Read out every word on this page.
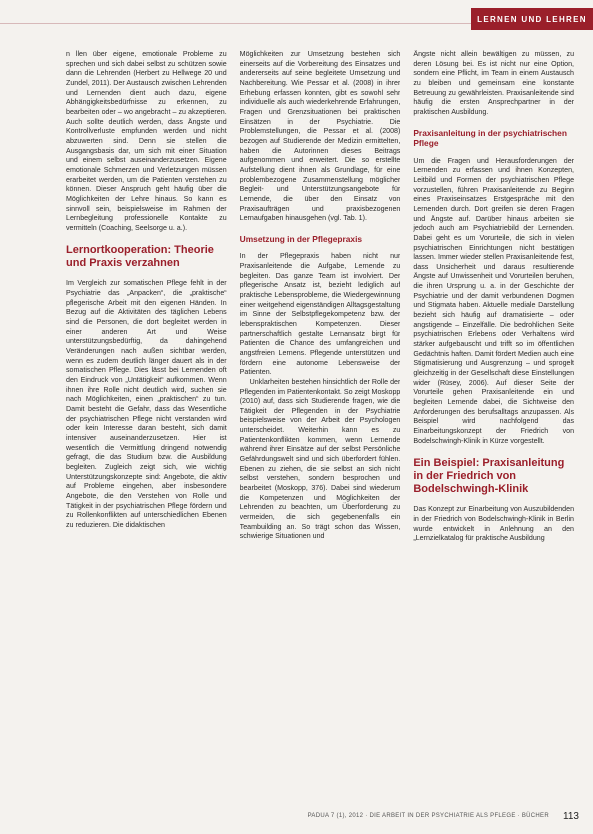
LERNEN UND LEHREN

n llen über eigene, emotionale Probleme zu sprechen und sich dabei selbst zu schützen sowie dann die Lehrenden (Herbert zu Hellwege 20 und Zundel, 2011). Der Austausch zwischen Lehrenden und Lernenden dient auch dazu, eigene Abhängigkeitsbedürfnisse zu erkennen, zu bearbeiten oder – wo angebracht – zu akzeptieren. Auch sollte deutlich werden, dass Ängste und Kontrollverluste empfunden werden und nicht abzuwerten sind. Denn sie stellen die Ausgangsbasis dar, um sich mit einer Situation und einem selbst auseinanderzusetzen. Eigene emotionale Schmerzen und Verletzungen müssen erarbeitet werden, um die Patienten verstehen zu können. Dieser Anspruch geht häufig über die Möglichkeiten der Lehre hinaus. So kann es sinnvoll sein, beispielsweise im Rahmen der Lernbegleitung professionelle Kontakte zu vermitteln (Coaching, Seelsorge u. a.).

Lernortkooperation: Theorie und Praxis verzahnen

Im Vergleich zur somatischen Pflege fehlt in der Psychiatrie das „Anpacken“, die „praktische“ pflegerische Arbeit mit den eigenen Händen. In Bezug auf die Aktivitäten des täglichen Lebens sind die Personen, die dort begleitet werden in einer anderen Art und Weise unterstützungsbedürftig, da dahingehend Veränderungen nach außen sichtbar werden, wenn es zudem deutlich länger dauert als in der somatischen Pflege. Dies lässt bei Lernenden oft den Eindruck von „Untätigkeit“ aufkommen. Wenn ihnen ihre Rolle nicht deutlich wird, suchen sie nach Möglichkeiten, einen „praktischen“ zu tun. Damit besteht die Gefahr, dass das Wesentliche der psychiatrischen Pflege nicht verstanden wird oder kein Interesse daran besteht, sich damit intensiver auseinanderzusetzen. Hier ist wesentlich die Vermittlung dringend notwendig gefragt, die das Studium bzw. die Ausbildung begleiten. Zugleich zeigt sich, wie wichtig Unterstützungskonzepte sind: Angebote, die aktiv auf Probleme eingehen, aber insbesondere Angebote, die den Verstehen von Rolle und Tätigkeit in der psychiatrischen Pflege fördern und zu Rollenkonflikten auf unterschiedlichen Ebenen zu reduzieren. Die didaktischen

Möglichkeiten zur Umsetzung bestehen sich einerseits auf die Vorbereitung des Einsatzes und andererseits auf seine begleitete Umsetzung und Nachbereitung. Wie Pessar et al. (2008) in ihrer Erhebung erfassen konnten, gibt es sowohl sehr individuelle als auch wiederkehrende Erfahrungen, Fragen und Grenzsituationen bei praktischen Einsätzen in der Psychiatrie. Die Problemstellungen, die Pessar et al. (2008) bezogen auf Studierende der Medizin ermittelten, haben die Autorinnen dieses Beitrags aufgenommen und erweitert. Die so erstellte Aufstellung dient ihnen als Grundlage, für eine problembezogene Zusammenstellung möglicher Begleit- und Unterstützungsangebote für Lernende, die über den Einsatz von Praxisaufträgen und praxisbezogenen Lernaufgaben hinausgehen (vgl. Tab. 1).

Umsetzung in der Pflegepraxis

In der Pflegepraxis haben nicht nur Praxisanleitende die Aufgabe, Lernende zu begleiten. Das ganze Team ist involviert. Der pflegerische Ansatz ist, bezieht lediglich auf praktische Lebensprobleme, die Wiedergewinnung einer weitgehend eigenständigen Alltagsgestaltung im Sinne der Selbstpflegekompetenz bzw. der lebenspraktischen Kompetenzen. Dieser partnerschaftlich gestalte Lernansatz birgt für Patienten die Chance des umfangreichen und angstfreien Lernens. Pflegende unterstützen und fördern eine autonome Lebensweise der Patienten.

Unklarheiten bestehen hinsichtlich der Rolle der Pflegenden im Patientenkontakt. So zeigt Moskopp (2010) auf, dass sich Studierende fragen, wie die Tätigkeit der Pflegenden in der Psychiatrie beispielsweise von der Arbeit der Psychologen unterscheidet. Weiterhin kann es zu Patientenkonflikten kommen, wenn Lernende während ihrer Einsätze auf der selbst Persönliche Gefährdungswelt sind und sich überfordert fühlen. Ebenen zu ziehen, die sie selbst an sich nicht selbst verstehen, sondern besprochen und bearbeitet (Moskopp, 376). Dabei sind wiederum die Kompetenzen und Möglichkeiten der Lehrenden zu beachten, um Überforderung zu vermeiden, die sich gegebenenfalls ein Teambuilding an. So trägt schon das Wissen, schwierige Situationen und

Ängste nicht allein bewältigen zu müssen, zu deren Lösung bei. Es ist nicht nur eine Option, sondern eine Pflicht, im Team in einem Austausch zu bleiben und gemeinsam eine konstante Betreuung zu gewährleisten. Praxisanleitende sind häufig die ersten Ansprechpartner in der praktischen Ausbildung.

Praxisanleitung in der psychiatrischen Pflege

Um die Fragen und Herausforderungen der Lernenden zu erfassen und ihnen Konzepten, Leitbild und Formen der psychiatrischen Pflege vorzustellen, führen Praxisanleitende zu Beginn eines Praxiseinsatzes Erstgespräche mit den Lernenden durch. Dort greifen sie deren Fragen und Ängste auf. Darüber hinaus arbeiten sie jedoch auch am Psychiatriebild der Lernenden. Dabei geht es um Vorurteile, die sich in vielen psychiatrischen Einrichtungen nicht bestätigen lassen. Immer wieder stellen Praxisanleitende fest, dass Unsicherheit und daraus resultierende Ängste auf Unwissenheit und Vorurteilen beruhen, die ihren Ursprung u. a. in der Geschichte der Psychiatrie und der damit verbundenen Dogmen und Stigmata haben. Aktuelle mediale Darstellung bezieht sich häufig auf dramatisierte – oder angstigende – Einzelfälle. Die bedrohlichen Seite psychiatrischen Erlebens oder Verhaltens wird stärker aufgebauscht und trifft so im öffentlichen Gedächtnis haften. Damit fördert Medien auch eine Stigmatisierung und Ausgrenzung – und sprogelt gleichzeitig in der Gesellschaft diese Einstellungen wider (Rüsey, 2006). Auf dieser Seite der Vorurteile gehen Praxisanleitende ein und begleiten Lernende dabei, die Sichtweise den Anforderungen des berufsalltags anzupassen. Als Beispiel wird nachfolgend das Einarbeitungskonzept der Friedrich von Bodelschwingh-Klinik in Kürze vorgestellt.

Ein Beispiel: Praxisanleitung in der Friedrich von Bodelschwingh-Klinik

Das Konzept zur Einarbeitung von Auszubildenden in der Friedrich von Bodelschwingh-Klinik in Berlin wurde entwickelt in Anlehnung an den „Lernzielkatalog für praktische Ausbildung

PADUA 7 (1), 2012 · DIE ARBEIT IN DER PSYCHIATRIE ALS PFLEGE · BÜCHER 113
